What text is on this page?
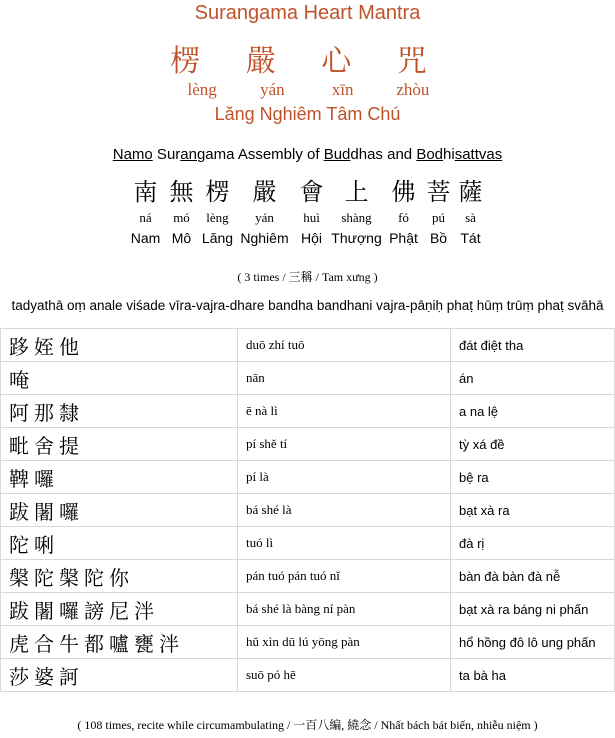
Surangama Heart Mantra
楞 嚴 心 咒
lèng	yán	xīn	zhòu
Lăng Nghiêm Tâm Chú
Namo Surangama Assembly of Buddhas and Bodhisattvas
南 無 楞 嚴 會 上 佛 菩 薩
ná mó lèng yán huì shàng fó pú sà
Nam Mô Lăng Nghiêm Hội Thượng Phật Bồ Tát
( 3 times / 三稱 / Tam xưng )
tadyathā oṃ anale viśade vīra-vajra-dhare bandha bandhani vajra-pāṇiḥ phaṭ hūṃ trūṃ phaṭ svāhā
跢姪他	duō zhí tuō	đát điệt tha
唵	nān	án
阿那隸	ē nà lì	a na lệ
毗舍提	pí shě tí	tỳ xá đề
鞞囉	pí là	bệ ra
跋闍囉	bá shé là	bạt xà ra
陀唎	tuó lì	đà rị
槃陀槃陀你	pán tuó pán tuó nǐ	bàn đà bàn đà nễ
跋闍囉謗尼泮	bá shé là bàng ní pàn	bạt xà ra báng ni phấn
虎合牛都嚧甕泮	hǔ xìn dū lú yōng pàn	hổ hồng đô lô ung phấn
莎婆訶	suō pó hē	ta bà ha
( 108 times, recite while circumambulating / 一百八編, 繞念 / Nhất bách bát biến, nhiễu niệm )
